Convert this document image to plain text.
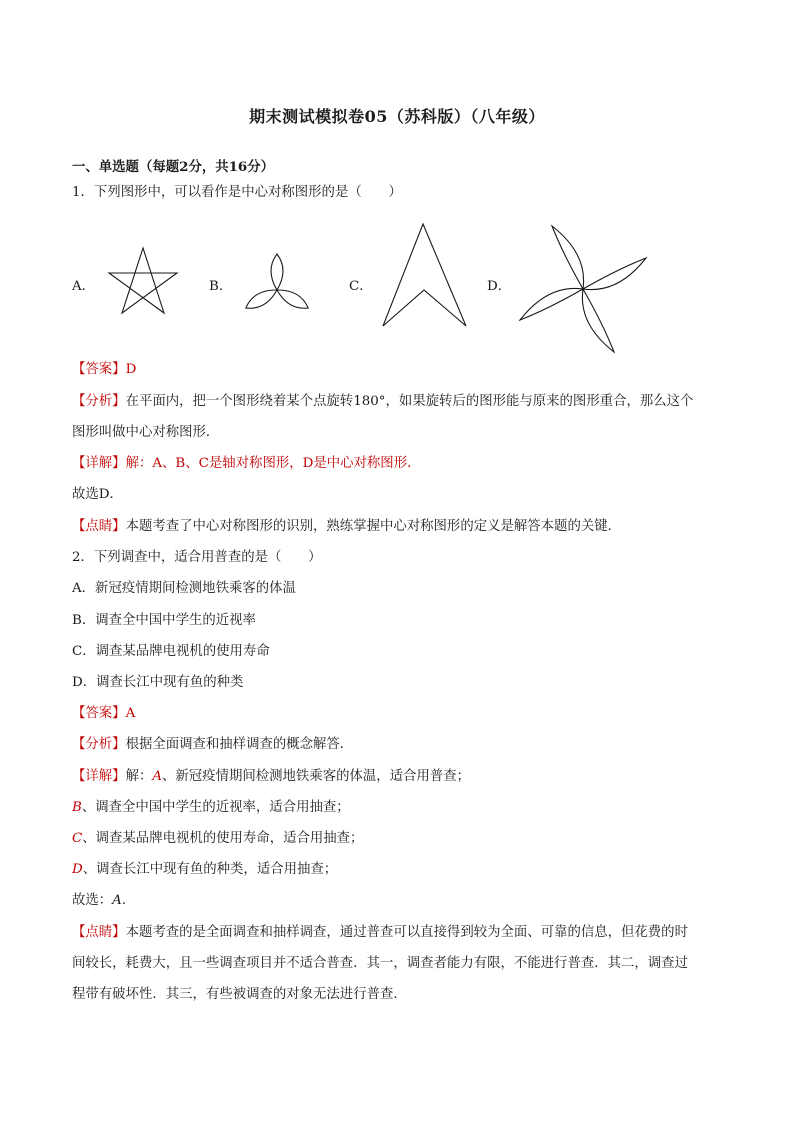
期末测试模拟卷05（苏科版）（八年级）
一、单选题（每题2分，共16分）
1．下列图形中，可以看作是中心对称图形的是（　　）
A．	B．	C．	D．
【答案】D
【分析】在平面内，把一个图形绕着某个点旋转180°，如果旋转后的图形能与原来的图形重合，那么这个
图形叫做中心对称图形．
【详解】解：A、B、C是轴对称图形，D是中心对称图形．
故选D．
【点睛】本题考查了中心对称图形的识别，熟练掌握中心对称图形的定义是解答本题的关键．
2．下列调查中，适合用普查的是（　　）
A．新冠疫情期间检测地铁乘客的体温
B．调查全中国中学生的近视率
C．调查某品牌电视机的使用寿命
D．调查长江中现有鱼的种类
【答案】A
【分析】根据全面调查和抽样调查的概念解答．
【详解】解：A、新冠疫情期间检测地铁乘客的体温，适合用普查；
B、调查全中国中学生的近视率，适合用抽查；
C、调查某品牌电视机的使用寿命，适合用抽查；
D、调查长江中现有鱼的种类，适合用抽查；
故选：A．
【点睛】本题考查的是全面调查和抽样调查，通过普查可以直接得到较为全面、可靠的信息，但花费的时
间较长，耗费大，且一些调查项目并不适合普查．其一，调查者能力有限，不能进行普查．其二，调查过
程带有破坏性．其三，有些被调查的对象无法进行普查．
